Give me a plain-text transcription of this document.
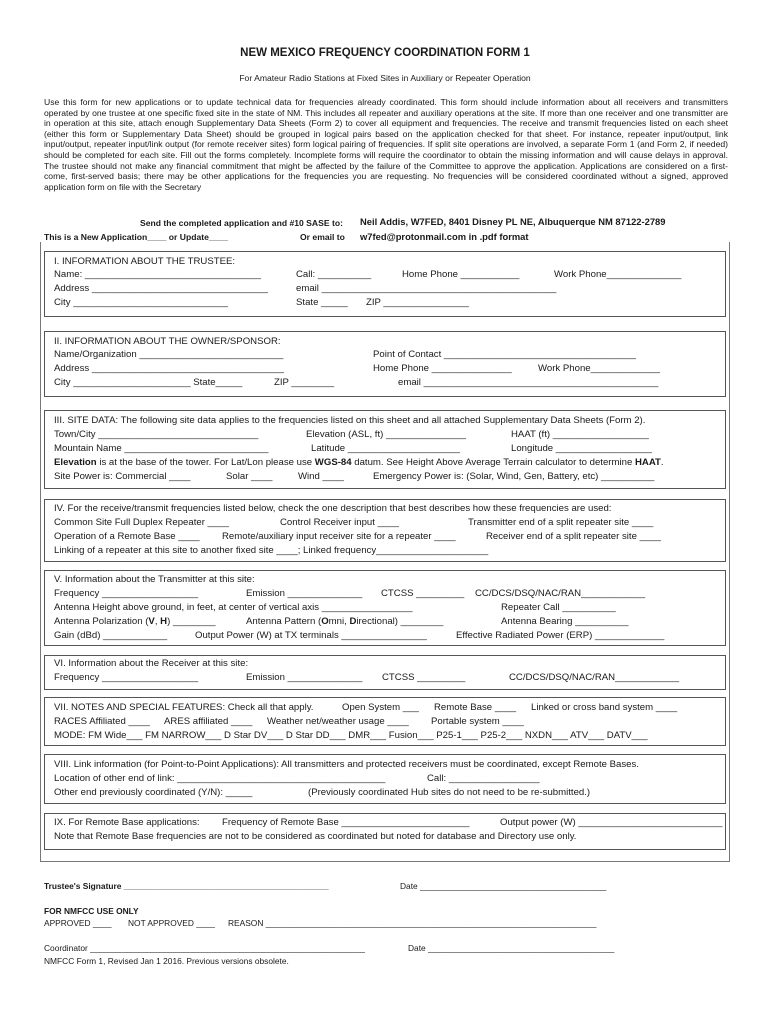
NEW MEXICO FREQUENCY COORDINATION FORM 1
For Amateur Radio Stations at Fixed Sites in Auxiliary or Repeater Operation

Use this form for new applications or to update technical data for frequencies already coordinated. This form should include information about all receivers and transmitters operated by one trustee at one specific fixed site in the state of NM. This includes all repeater and auxiliary operations at the site. If more than one receiver and one transmitter are in operation at this site, attach enough Supplementary Data Sheets (Form 2) to cover all equipment and frequencies. The receive and transmit frequencies listed on each sheet (either this form or Supplementary Data Sheet) should be grouped in logical pairs based on the application checked for that sheet. For instance, repeater input/output, link input/output, repeater input/link output (for remote receiver sites) form logical pairing of frequencies. If split site operations are involved, a separate Form 1 (and Form 2, if needed) should be completed for each site. Fill out the forms completely. Incomplete forms will require the coordinator to obtain the missing information and will cause delays in approval. The trustee should not make any financial commitment that might be affected by the failure of the Committee to approve the application. Applications are considered on a first-come, first-served basis; there may be other applications for the frequencies you are requesting. No frequencies will be considered coordinated without a signed, approved application form on file with the Secretary

Send the completed application and #10 SASE to: Neil Addis, W7FED, 8401 Disney PL NE, Albuquerque NM 87122-2789
This is a New Application____ or Update____	Or email to w7fed@protonmail.com in .pdf format
I. INFORMATION ABOUT THE TRUSTEE:
Name: _________________________________	Call: __________	Home Phone ___________	Work Phone______________
Address _________________________________	email ____________________________________________
City _____________________________	State _____ ZIP ________________
II. INFORMATION ABOUT THE OWNER/SPONSOR:
Name/Organization ___________________________	Point of Contact ____________________________________
Address ____________________________________	Home Phone _______________	Work Phone_____________
City ______________________ State_____	ZIP ________	email ____________________________________________
III. SITE DATA: The following site data applies to the frequencies listed on this sheet and all attached Supplementary Data Sheets (Form 2).
Town/City ______________________________	Elevation (ASL, ft) _______________	HAAT (ft) __________________
Mountain Name ___________________________	Latitude _____________________	Longitude __________________
Elevation is at the base of the tower. For Lat/Lon please use WGS-84 datum. See Height Above Average Terrain calculator to determine HAAT.
Site Power is: Commercial ____	Solar ____	Wind ____	Emergency Power is: (Solar, Wind, Gen, Battery, etc) __________
IV. For the receive/transmit frequencies listed below, check the one description that best describes how these frequencies are used:
Common Site Full Duplex Repeater ____	Control Receiver input ____	Transmitter end of a split repeater site ____
Operation of a Remote Base ____ Remote/auxiliary input receiver site for a repeater ____	Receiver end of a split repeater site ____
Linking of a repeater at this site to another fixed site ____; Linked frequency_____________________
V. Information about the Transmitter at this site:
Frequency __________________	Emission ______________ CTCSS _________ CC/DCS/DSQ/NAC/RAN____________
Antenna Height above ground, in feet, at center of vertical axis _________________	Repeater Call __________
Antenna Polarization (V, H) ________	Antenna Pattern (Omni, Directional) ________	Antenna Bearing __________
Gain (dBd) ____________	Output Power (W) at TX terminals ________________	Effective Radiated Power (ERP) _____________
VI. Information about the Receiver at this site:
Frequency __________________	Emission ______________ CTCSS _________	CC/DCS/DSQ/NAC/RAN____________
VII. NOTES AND SPECIAL FEATURES: Check all that apply.	Open System ___ Remote Base ____ Linked or cross band system ____
RACES Affiliated ____ ARES affiliated ____ Weather net/weather usage ____ Portable system ____
MODE: FM Wide___ FM NARROW___ D Star DV___ D Star DD___ DMR___ Fusion___ P25-1___ P25-2___ NXDN___ ATV___ DATV___
VIII. Link information (for Point-to-Point Applications): All transmitters and protected receivers must be coordinated, except Remote Bases.
Location of other end of link: _______________________________________	Call: _________________
Other end previously coordinated (Y/N): _____	(Previously coordinated Hub sites do not need to be re-submitted.)
IX. For Remote Base applications: Frequency of Remote Base ________________________	Output power (W) ___________________________
Note that Remote Base frequencies are not to be considered as coordinated but noted for database and Directory use only.
Trustee's Signature ____________________________________________	Date ________________________________________
FOR NMFCC USE ONLY
APPROVED ____ NOT APPROVED ____ REASON _______________________________________________________________________
Coordinator ___________________________________________________________	Date ________________________________________
NMFCC Form 1, Revised Jan 1 2016. Previous versions obsolete.
